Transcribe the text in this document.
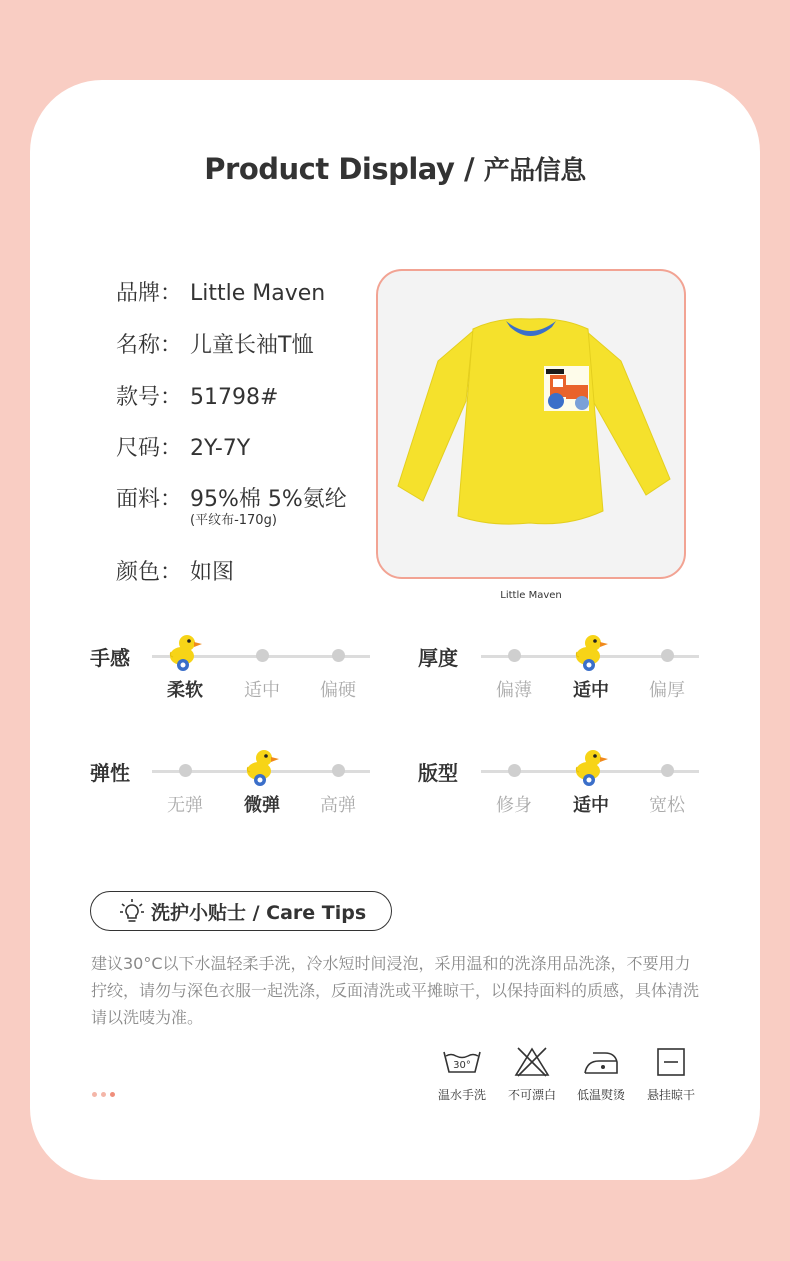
Product Display / 产品信息
品牌： Little Maven
名称： 儿童长袖T恤
款号： 51798#
尺码： 2Y-7Y
面料： 95%棉 5%氨纶
(平纹布-170g)
颜色： 如图
Little Maven
手感
柔软	适中	偏硬
厚度
偏薄	适中	偏厚
弹性
无弹	微弹	高弹
版型
修身	适中	宽松
洗护小贴士 / Care Tips
建议30°C以下水温轻柔手洗，冷水短时间浸泡，采用温和的洗涤用品洗涤，不要用力拧绞，请勿与深色衣服一起洗涤，反面清洗或平摊晾干，以保持面料的质感，具体清洗请以洗唛为准。
30°
温水手洗	不可漂白	低温熨烫	悬挂晾干
